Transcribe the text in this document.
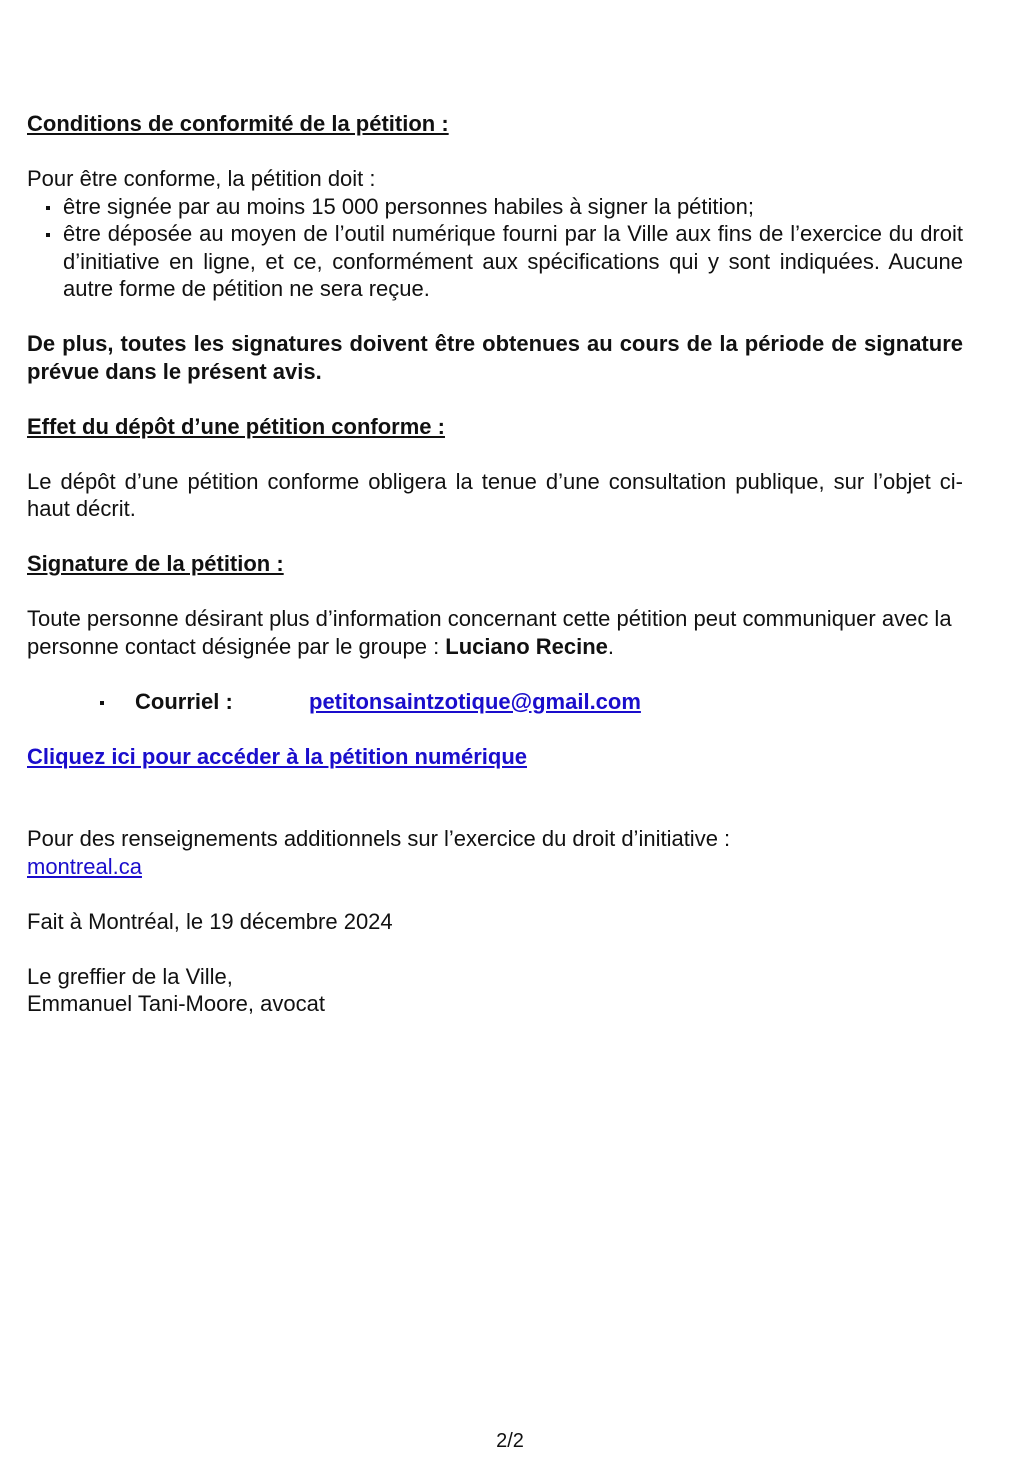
Conditions de conformité de la pétition :

Pour être conforme, la pétition doit :

être signée par au moins 15 000 personnes habiles à signer la pétition;
être déposée au moyen de l’outil numérique fourni par la Ville aux fins de l’exercice du droit d’initiative en ligne, et ce, conformément aux spécifications qui y sont indiquées. Aucune autre forme de pétition ne sera reçue.

De plus, toutes les signatures doivent être obtenues au cours de la période de signature prévue dans le présent avis.

Effet du dépôt d’une pétition conforme :

Le dépôt d’une pétition conforme obligera la tenue d’une consultation publique, sur l’objet ci-haut décrit.

Signature de la pétition :

Toute personne désirant plus d’information concernant cette pétition peut communiquer avec la personne contact désignée par le groupe : Luciano Recine.

Courriel :	petitonsaintzotique@gmail.com

Cliquez ici pour accéder à la pétition numérique

Pour des renseignements additionnels sur l’exercice du droit d’initiative :

montreal.ca

Fait à Montréal, le 19 décembre 2024

Le greffier de la Ville,

Emmanuel Tani-Moore, avocat

2/2
